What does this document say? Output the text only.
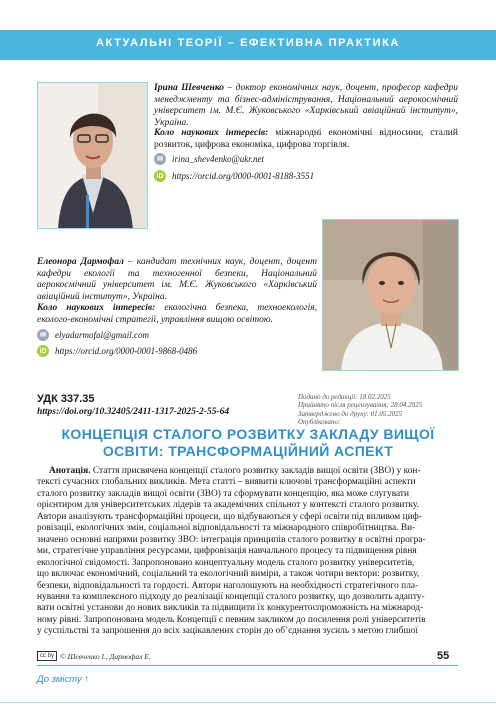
АКТУАЛЬНІ ТЕОРІЇ – ЕФЕКТИВНА ПРАКТИКА
Ірина Шевченко – доктор економічних наук, доцент, професор кафедри менеджменту та бізнес-адміністрування, Національний аерокосмічний університет ім. М.Є. Жуковського «Харківський авіаційний інститут», Україна.
Коло наукових інтересів: міжнародні економічні відносини, сталий розвиток, цифрова економіка, цифрова торгівля.
✉	irina_shev4enko@ukr.net
iD https://orcid.org/0000-0001-8188-3551
Елеонора Дармофал – кандидат технічних наук, доцент, доцент кафедри екології та техногенної безпеки, Національний аерокосмічний університет ім. М.Є. Жуковського «Харківський авіаційний інститут», Україна.
Коло наукових інтересів: екологічна безпека, техноекологія, еколого-економічні стратегії, управління вищою освітою.
✉	elyadarmofal@gmail.com
iD https://orcid.org/0000-0001-9868-0486
УДК 337.35
https://doi.org/10.32405/2411-1317-2025-2-55-64
Подано до редакції: 18.02.2025
Прийнято після рецензування: 28.04.2025
Затверджено до друку: 01.05.2025
Опубліковано:
КОНЦЕПЦІЯ СТАЛОГО РОЗВИТКУ ЗАКЛАДУ ВИЩОЇ
ОСВІТИ: ТРАНСФОРМАЦІЙНИЙ АСПЕКТ
Анотація. Стаття присвячена концепції сталого розвитку закладів вищої освіти (ЗВО) у кон-
тексті сучасних глобальних викликів. Мета статті – виявити ключові трансформаційні аспекти
сталого розвитку закладів вищої освіти (ЗВО) та сформувати концепцію, яка може слугувати
орієнтиром для університетських лідерів та академічних спільнот у контексті сталого розвитку.
Автори аналізують трансформаційні процеси, що відбуваються у сфері освіти під впливом циф-
ровізації, екологічних змін, соціальної відповідальності та міжнародного співробітництва. Ви-
значено основні напрями розвитку ЗВО: інтеграція принципів сталого розвитку в освітні програ-
ми, стратегічне управління ресурсами, цифровізація навчального процесу та підвищення рівня
екологічної свідомості. Запропоновано концептуальну модель сталого розвитку університетів,
що включає економічний, соціальний та екологічний виміри, а також чотири вектори: розвитку,
безпеки, відповідальності та гордості. Автори наголошують на необхідності стратегічного пла-
нування та комплексного підходу до реалізації концепції сталого розвитку, що дозволить адапту-
вати освітні установи до нових викликів та підвищити їх конкурентоспроможність на міжнарод-
ному рівні. Запропонована модель Концепції є певним закликом до посилення ролі університетів
у суспільстві та запрошення до всіх зацікавлених сторін до об’єднання зусиль з метою глибшої
cc by © Шевченко І., Дармофал Е.	55
До змісту ↑
